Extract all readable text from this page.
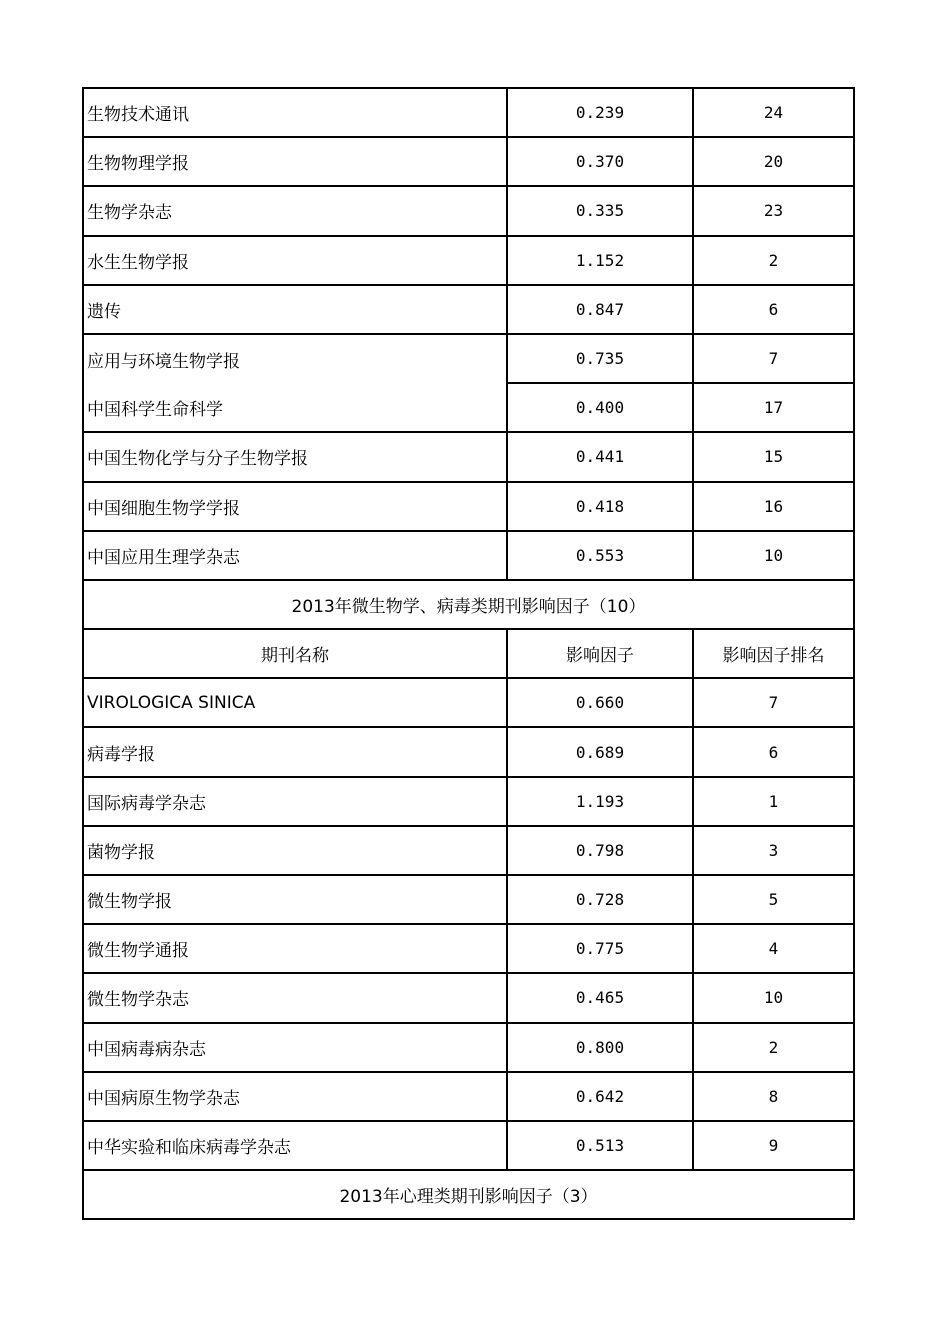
生物技术通讯	0.239	24
生物物理学报	0.370	20
生物学杂志	0.335	23
水生生物学报	1.152	2
遗传	0.847	6
应用与环境生物学报	0.735	7
中国科学生命科学	0.400	17
中国生物化学与分子生物学报	0.441	15
中国细胞生物学学报	0.418	16
中国应用生理学杂志	0.553	10
2013年微生物学、病毒类期刊影响因子（10）
期刊名称	影响因子	影响因子排名
VIROLOGICA SINICA	0.660	7
病毒学报	0.689	6
国际病毒学杂志	1.193	1
菌物学报	0.798	3
微生物学报	0.728	5
微生物学通报	0.775	4
微生物学杂志	0.465	10
中国病毒病杂志	0.800	2
中国病原生物学杂志	0.642	8
中华实验和临床病毒学杂志	0.513	9
2013年心理类期刊影响因子（3）
